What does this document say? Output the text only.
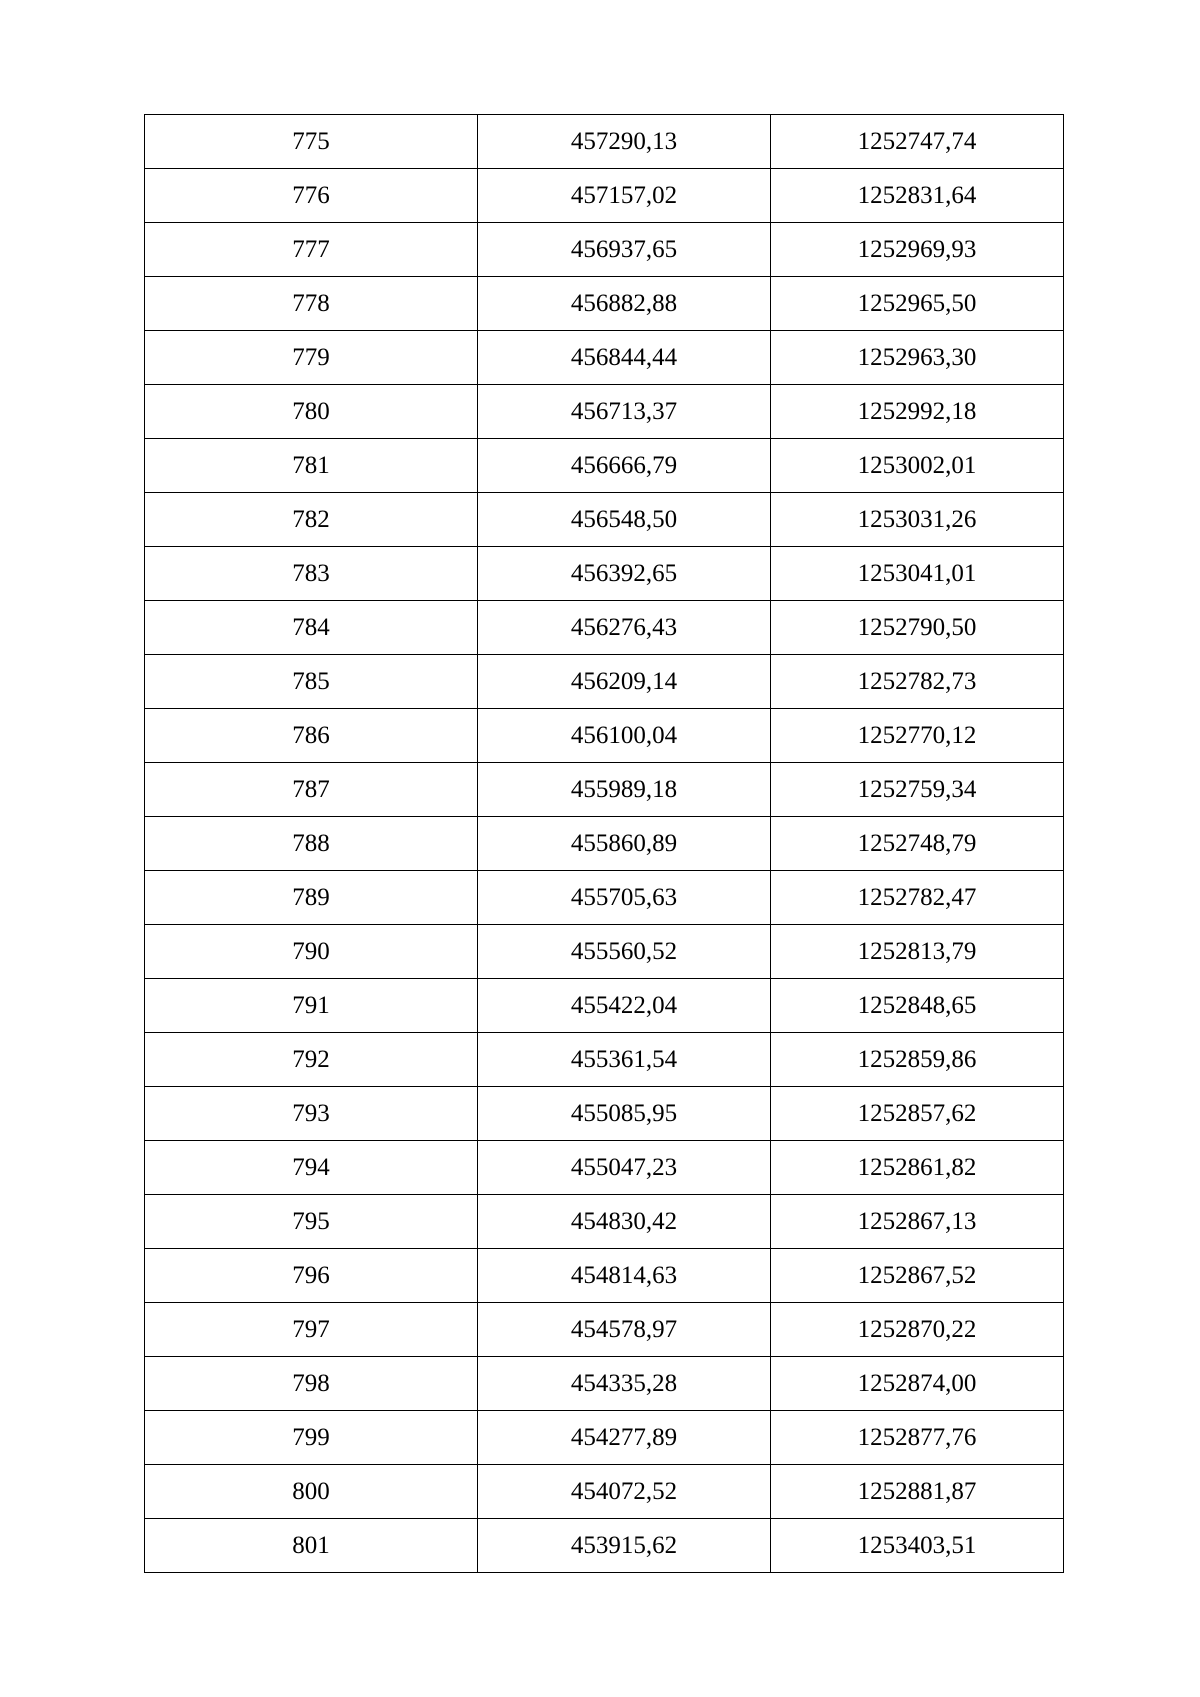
775	457290,13	1252747,74
776	457157,02	1252831,64
777	456937,65	1252969,93
778	456882,88	1252965,50
779	456844,44	1252963,30
780	456713,37	1252992,18
781	456666,79	1253002,01
782	456548,50	1253031,26
783	456392,65	1253041,01
784	456276,43	1252790,50
785	456209,14	1252782,73
786	456100,04	1252770,12
787	455989,18	1252759,34
788	455860,89	1252748,79
789	455705,63	1252782,47
790	455560,52	1252813,79
791	455422,04	1252848,65
792	455361,54	1252859,86
793	455085,95	1252857,62
794	455047,23	1252861,82
795	454830,42	1252867,13
796	454814,63	1252867,52
797	454578,97	1252870,22
798	454335,28	1252874,00
799	454277,89	1252877,76
800	454072,52	1252881,87
801	453915,62	1253403,51
